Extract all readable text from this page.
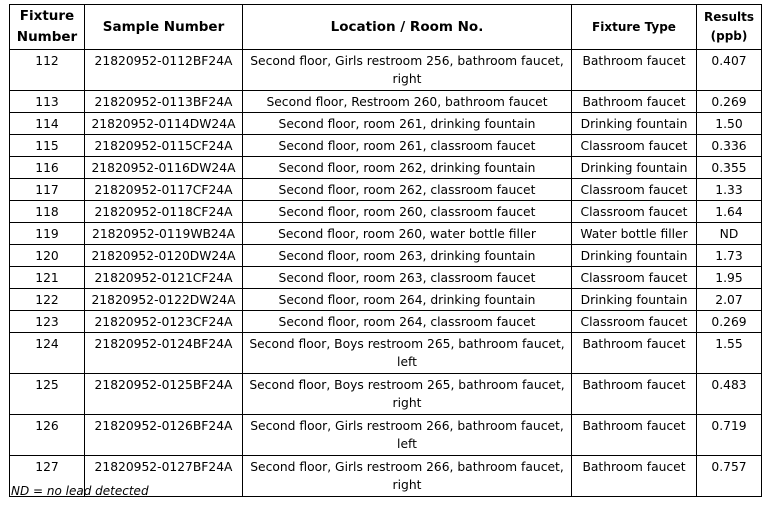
Fixture Number	Sample Number	Location / Room No.	Fixture Type	Results (ppb)
112	21820952-0112BF24A	Second floor, Girls restroom 256, bathroom faucet, right	Bathroom faucet	0.407
113	21820952-0113BF24A	Second floor, Restroom 260, bathroom faucet	Bathroom faucet	0.269
114	21820952-0114DW24A	Second floor, room 261, drinking fountain	Drinking fountain	1.50
115	21820952-0115CF24A	Second floor, room 261, classroom faucet	Classroom faucet	0.336
116	21820952-0116DW24A	Second floor, room 262, drinking fountain	Drinking fountain	0.355
117	21820952-0117CF24A	Second floor, room 262, classroom faucet	Classroom faucet	1.33
118	21820952-0118CF24A	Second floor, room 260, classroom faucet	Classroom faucet	1.64
119	21820952-0119WB24A	Second floor, room 260, water bottle filler	Water bottle filler	ND
120	21820952-0120DW24A	Second floor, room 263, drinking fountain	Drinking fountain	1.73
121	21820952-0121CF24A	Second floor, room 263, classroom faucet	Classroom faucet	1.95
122	21820952-0122DW24A	Second floor, room 264, drinking fountain	Drinking fountain	2.07
123	21820952-0123CF24A	Second floor, room 264, classroom faucet	Classroom faucet	0.269
124	21820952-0124BF24A	Second floor, Boys restroom 265, bathroom faucet, left	Bathroom faucet	1.55
125	21820952-0125BF24A	Second floor, Boys restroom 265, bathroom faucet, right	Bathroom faucet	0.483
126	21820952-0126BF24A	Second floor, Girls restroom 266, bathroom faucet, left	Bathroom faucet	0.719
127	21820952-0127BF24A	Second floor, Girls restroom 266, bathroom faucet, right	Bathroom faucet	0.757
ND = no lead detected
